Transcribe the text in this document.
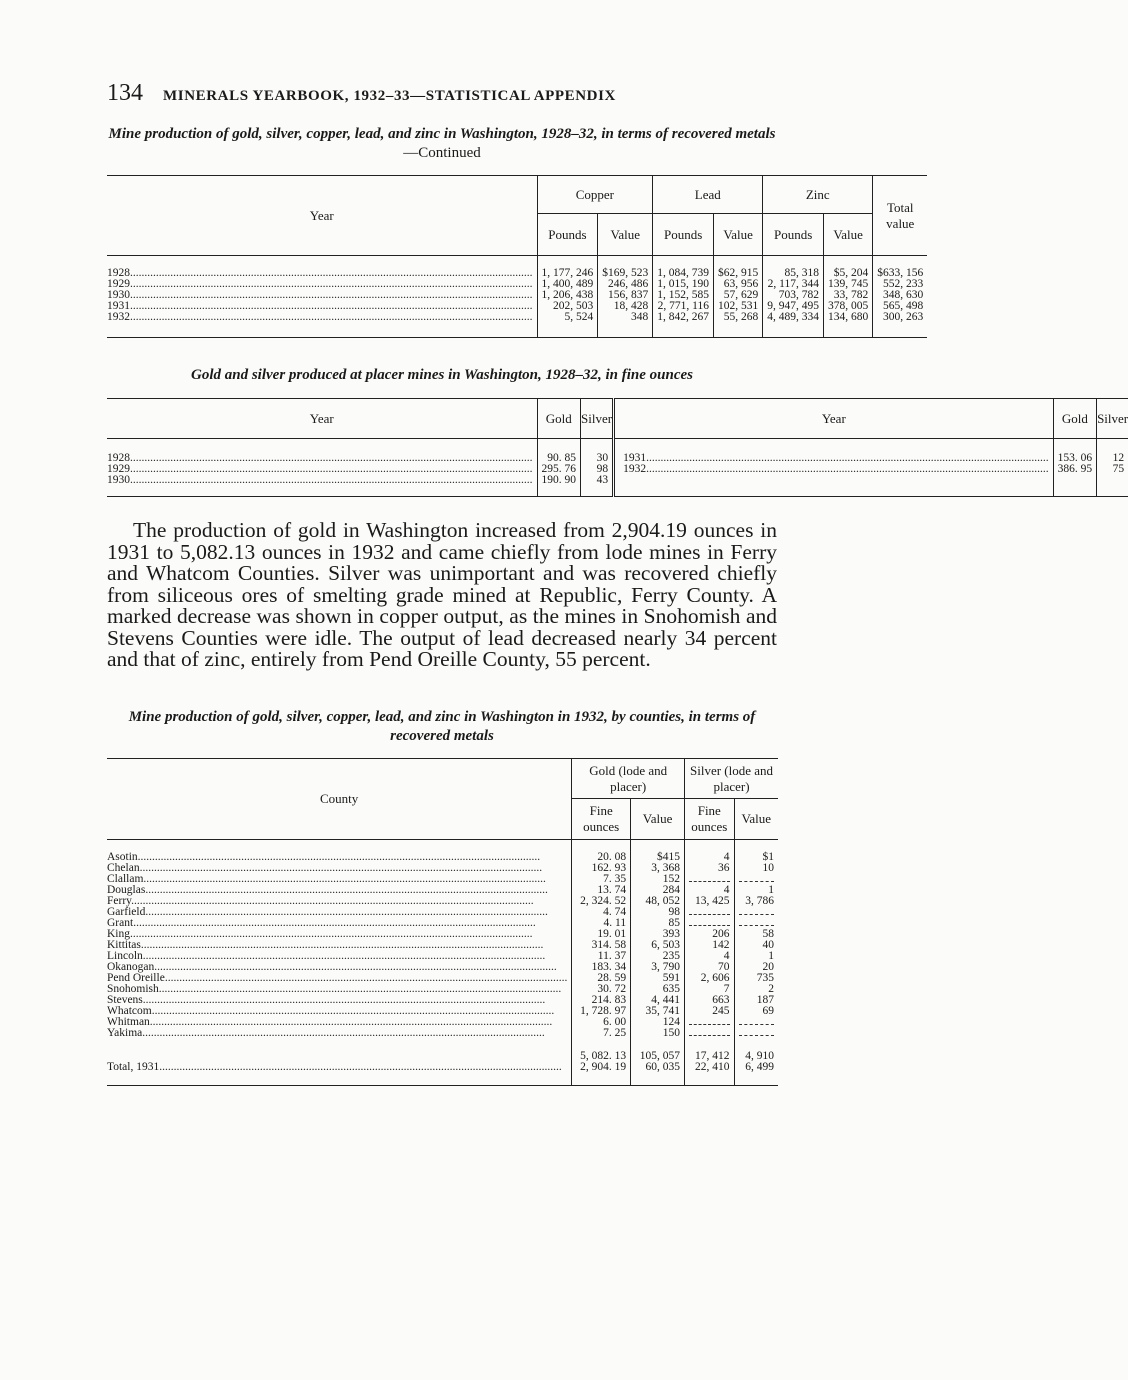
134 MINERALS YEARBOOK, 1932–33—STATISTICAL APPENDIX
Mine production of gold, silver, copper, lead, and zinc in Washington, 1928–32, in terms of recovered metals—Continued
Year	Copper		Lead		Zinc		Total value
	Pounds	Value	Pounds	Value	Pounds	Value	
1928............................................................................................................................................	1, 177, 246	$169, 523	1, 084, 739	$62, 915	85, 318	$5, 204	$633, 156
1929............................................................................................................................................	1, 400, 489	246, 486	1, 015, 190	63, 956	2, 117, 344	139, 745	552, 233
1930............................................................................................................................................	1, 206, 438	156, 837	1, 152, 585	57, 629	703, 782	33, 782	348, 630
1931............................................................................................................................................	202, 503	18, 428	2, 771, 116	102, 531	9, 947, 495	378, 005	565, 498
1932............................................................................................................................................	5, 524	348	1, 842, 267	55, 268	4, 489, 334	134, 680	300, 263
Gold and silver produced at placer mines in Washington, 1928–32, in fine ounces
Year	Gold	Silver	Year	Gold	Silver
1928............................................................................................................................................	90. 85	30	1931............................................................................................................................................	153. 06	12
1929............................................................................................................................................	295. 76	98	1932............................................................................................................................................	386. 95	75
1930............................................................................................................................................	190. 90	43			
The production of gold in Washington increased from 2,904.19 ounces in 1931 to 5,082.13 ounces in 1932 and came chiefly from lode mines in Ferry and Whatcom Counties. Silver was unimportant and was recovered chiefly from siliceous ores of smelting grade mined at Republic, Ferry County. A marked decrease was shown in copper output, as the mines in Snohomish and Stevens Counties were idle. The output of lead decreased nearly 34 percent and that of zinc, entirely from Pend Oreille County, 55 percent.
Mine production of gold, silver, copper, lead, and zinc in Washington in 1932, by counties, in terms of recovered metals
County	Gold (lode and placer)		Silver (lode and placer)	
	Fine ounces	Value	Fine ounces	Value
Asotin............................................................................................................................................	20. 08	$415	4	$1
Chelan............................................................................................................................................	162. 93	3, 368	36	10
Clallam............................................................................................................................................	7. 35	152		
Douglas............................................................................................................................................	13. 74	284	4	1
Ferry............................................................................................................................................	2, 324. 52	48, 052	13, 425	3, 786
Garfield............................................................................................................................................	4. 74	98		
Grant............................................................................................................................................	4. 11	85		
King............................................................................................................................................	19. 01	393	206	58
Kittitas............................................................................................................................................	314. 58	6, 503	142	40
Lincoln............................................................................................................................................	11. 37	235	4	1
Okanogan............................................................................................................................................	183. 34	3, 790	70	20
Pend Oreille............................................................................................................................................	28. 59	591	2, 606	735
Snohomish............................................................................................................................................	30. 72	635	7	2
Stevens............................................................................................................................................	214. 83	4, 441	663	187
Whatcom............................................................................................................................................	1, 728. 97	35, 741	245	69
Whitman............................................................................................................................................	6. 00	124		
Yakima............................................................................................................................................	7. 25	150		
	5, 082. 13	105, 057	17, 412	4, 910
Total, 1931............................................................................................................................................	2, 904. 19	60, 035	22, 410	6, 499
